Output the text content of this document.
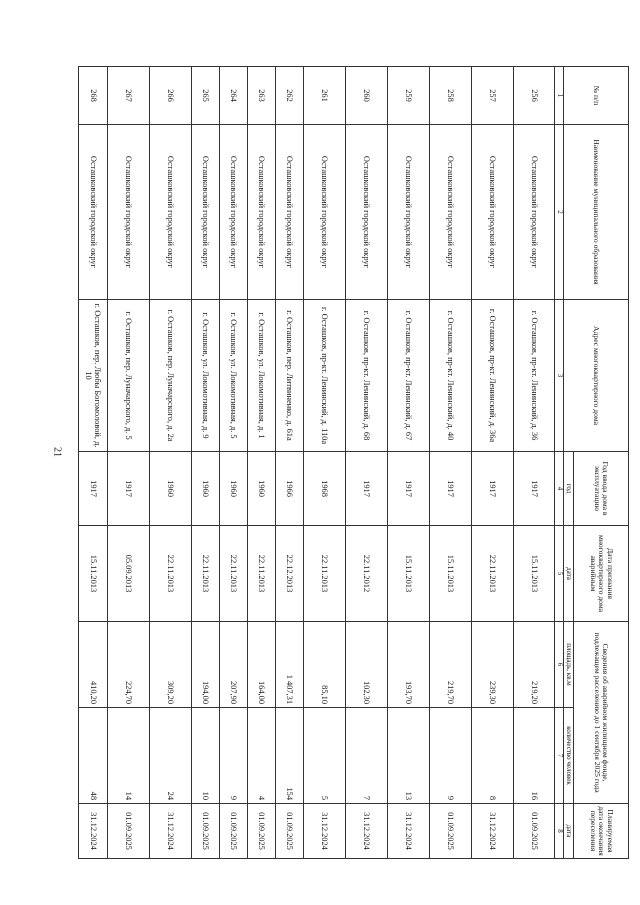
21
№ п/п	Наименование муниципального образования	Адрес многоквартирного дома	Год ввода дома в эксплуатацию	Дата признания многоквартирного дома аварийным	Сведения об аварийном жилищном фонде, подлежащем расселению до 1 сентября 2025 года		Планируемая дата окончания переселения
			год	дата	площадь, кв.м	количество человек	дата
1	2	3	4	5	6	7	8
256	Осташковский городской округ	г. Осташков, пр-кт. Ленинский, д. 36	1917	15.11.2013	219,20	16	01.09.2025
257	Осташковский городской округ	г. Осташков, пр-кт. Ленинский, д. 36а	1917	22.11.2013	239,30	8	31.12.2024
258	Осташковский городской округ	г. Осташков, пр-кт. Ленинский, д. 40	1917	15.11.2013	219,70	9	01.09.2025
259	Осташковский городской округ	г. Осташков, пр-кт. Ленинский, д. 67	1917	15.11.2013	193,70	13	31.12.2024
260	Осташковский городской округ	г. Осташков, пр-кт. Ленинский, д. 68	1917	22.11.2012	102,30	7	31.12.2024
261	Осташковский городской округ	г. Осташков, пр-кт. Ленинский, д. 110а	1968	22.11.2013	85,10	5	31.12.2024
262	Осташковский городской округ	г. Осташков, пер. Литвиненко, д. 61а	1966	22.12.2013	1 407,31	154	01.09.2025
263	Осташковский городской округ	г. Осташков, ул. Локомотивная, д. 1	1960	22.11.2013	164,00	4	01.09.2025
264	Осташковский городской округ	г. Осташков, ул. Локомотивная, д. 5	1960	22.11.2013	207,90	9	01.09.2025
265	Осташковский городской округ	г. Осташков, ул. Локомотивная, д. 9	1960	22.11.2013	194,00	10	01.09.2025
266	Осташковский городской округ	г. Осташков, пер. Луначарского, д. 2а	1960	22.11.2013	309,20	24	31.12.2024
267	Осташковский городской округ	г. Осташков, пер. Луначарского, д. 5	1917	05.09.2013	224,70	14	01.09.2025
268	Осташковский городской округ	г. Осташков, пер. Любы Богомоловой, д. 10	1917	15.11.2013	410,20	48	31.12.2024
